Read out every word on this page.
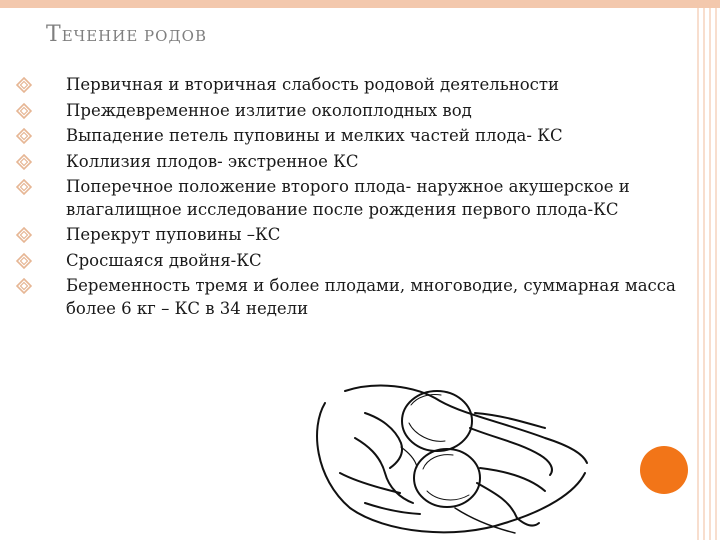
ТЕЧЕНИЕ РОДОВ
Первичная и вторичная слабость родовой деятельности
Преждевременное излитие околоплодных вод
Выпадение петель пуповины и мелких частей плода- КС
Коллизия плодов- экстренное КС
Поперечное положение второго плода- наружное акушерское и влагалищное исследование после рождения первого плода-КС
Перекрут пуповины –КС
Сросшаяся двойня-КС
Беременность тремя и более плодами, многоводие, суммарная масса более 6 кг – КС в 34 недели
